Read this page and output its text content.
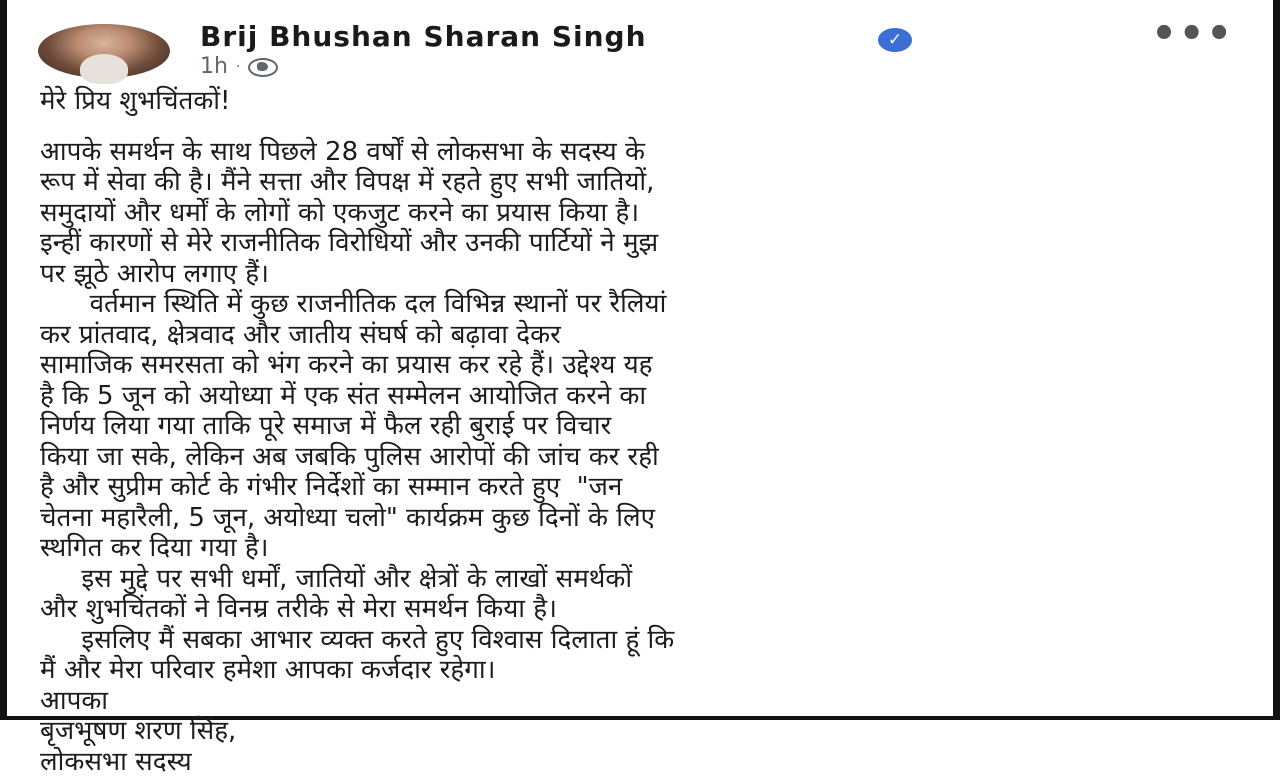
Brij Bhushan Sharan Singh	✓
1h ·
•••
मेरे प्रिय शुभचिंतकों!
आपके समर्थन के साथ पिछले 28 वर्षों से लोकसभा के सदस्य के
रूप में सेवा की है। मैंने सत्ता और विपक्ष में रहते हुए सभी जातियों,
समुदायों और धर्मों के लोगों को एकजुट करने का प्रयास किया है।
इन्हीं कारणों से मेरे राजनीतिक विरोधियों और उनकी पार्टियों ने मुझ
पर झूठे आरोप लगाए हैं।
वर्तमान स्थिति में कुछ राजनीतिक दल विभिन्न स्थानों पर रैलियां
कर प्रांतवाद, क्षेत्रवाद और जातीय संघर्ष को बढ़ावा देकर
सामाजिक समरसता को भंग करने का प्रयास कर रहे हैं। उद्देश्य यह
है कि 5 जून को अयोध्या में एक संत सम्मेलन आयोजित करने का
निर्णय लिया गया ताकि पूरे समाज में फैल रही बुराई पर विचार
किया जा सके, लेकिन अब जबकि पुलिस आरोपों की जांच कर रही
है और सुप्रीम कोर्ट के गंभीर निर्देशों का सम्मान करते हुए  "जन
चेतना महारैली, 5 जून, अयोध्या चलो" कार्यक्रम कुछ दिनों के लिए
स्थगित कर दिया गया है।
इस मुद्दे पर सभी धर्मों, जातियों और क्षेत्रों के लाखों समर्थकों
और शुभचिंतकों ने विनम्र तरीके से मेरा समर्थन किया है।
इसलिए मैं सबका आभार व्यक्त करते हुए विश्वास दिलाता हूं कि
मैं और मेरा परिवार हमेशा आपका कर्जदार रहेगा।
आपका
बृजभूषण शरण सिंह,
लोकसभा सदस्य
